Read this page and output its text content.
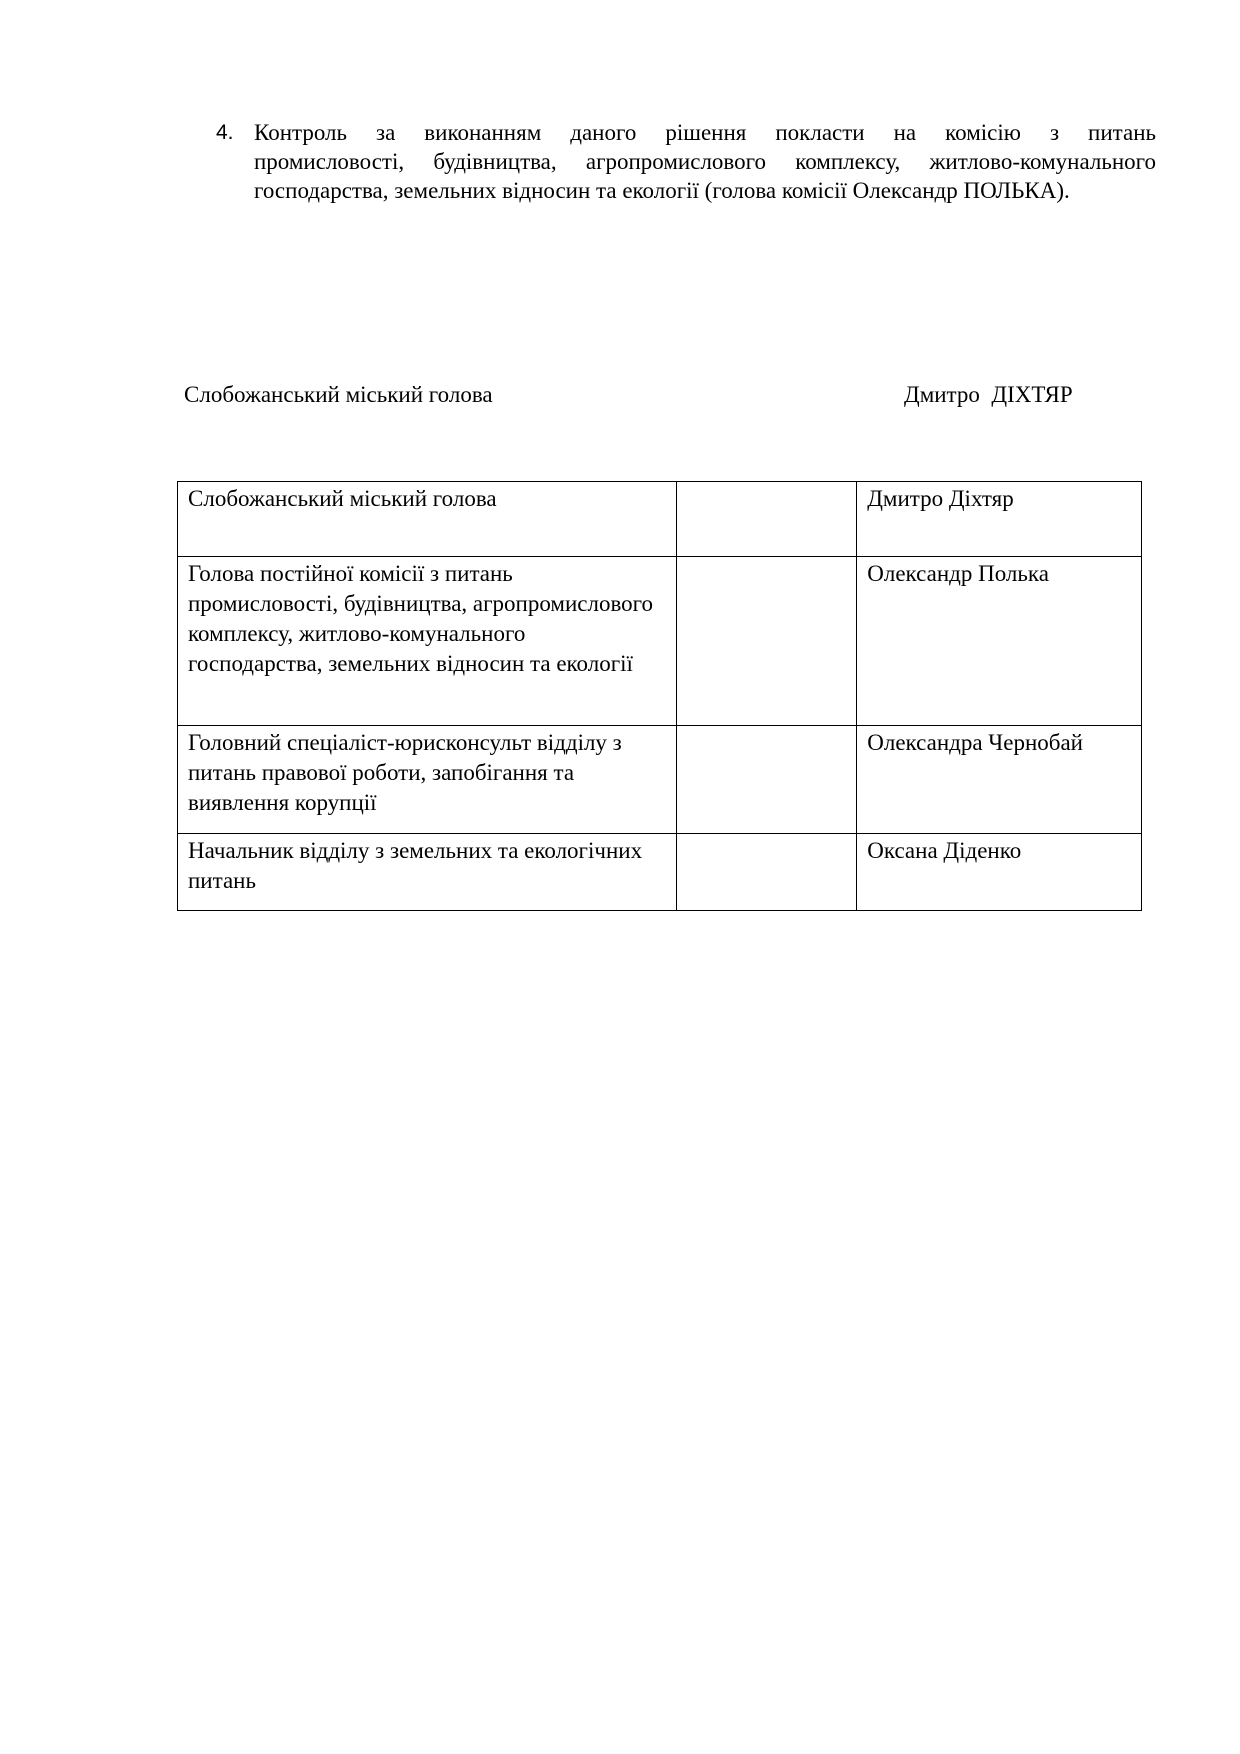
4. Контроль за виконанням даного рішення покласти на комісію з питань
промисловості, будівництва, агропромислового комплексу, житлово-комунального
господарства, земельних відносин та екології (голова комісії Олександр ПОЛЬКА).
Слобожанський міський голова	Дмитро  ДІХТЯР
Слобожанський міський голова		Дмитро Діхтяр
Голова постійної комісії з питань промисловості, будівництва, агропромислового комплексу, житлово-комунального господарства, земельних відносин та екології		Олександр Полька
Головний спеціаліст-юрисконсульт відділу з питань правової роботи, запобігання та виявлення корупції		Олександра Чернобай
Начальник відділу з земельних та екологічних питань		Оксана Діденко
